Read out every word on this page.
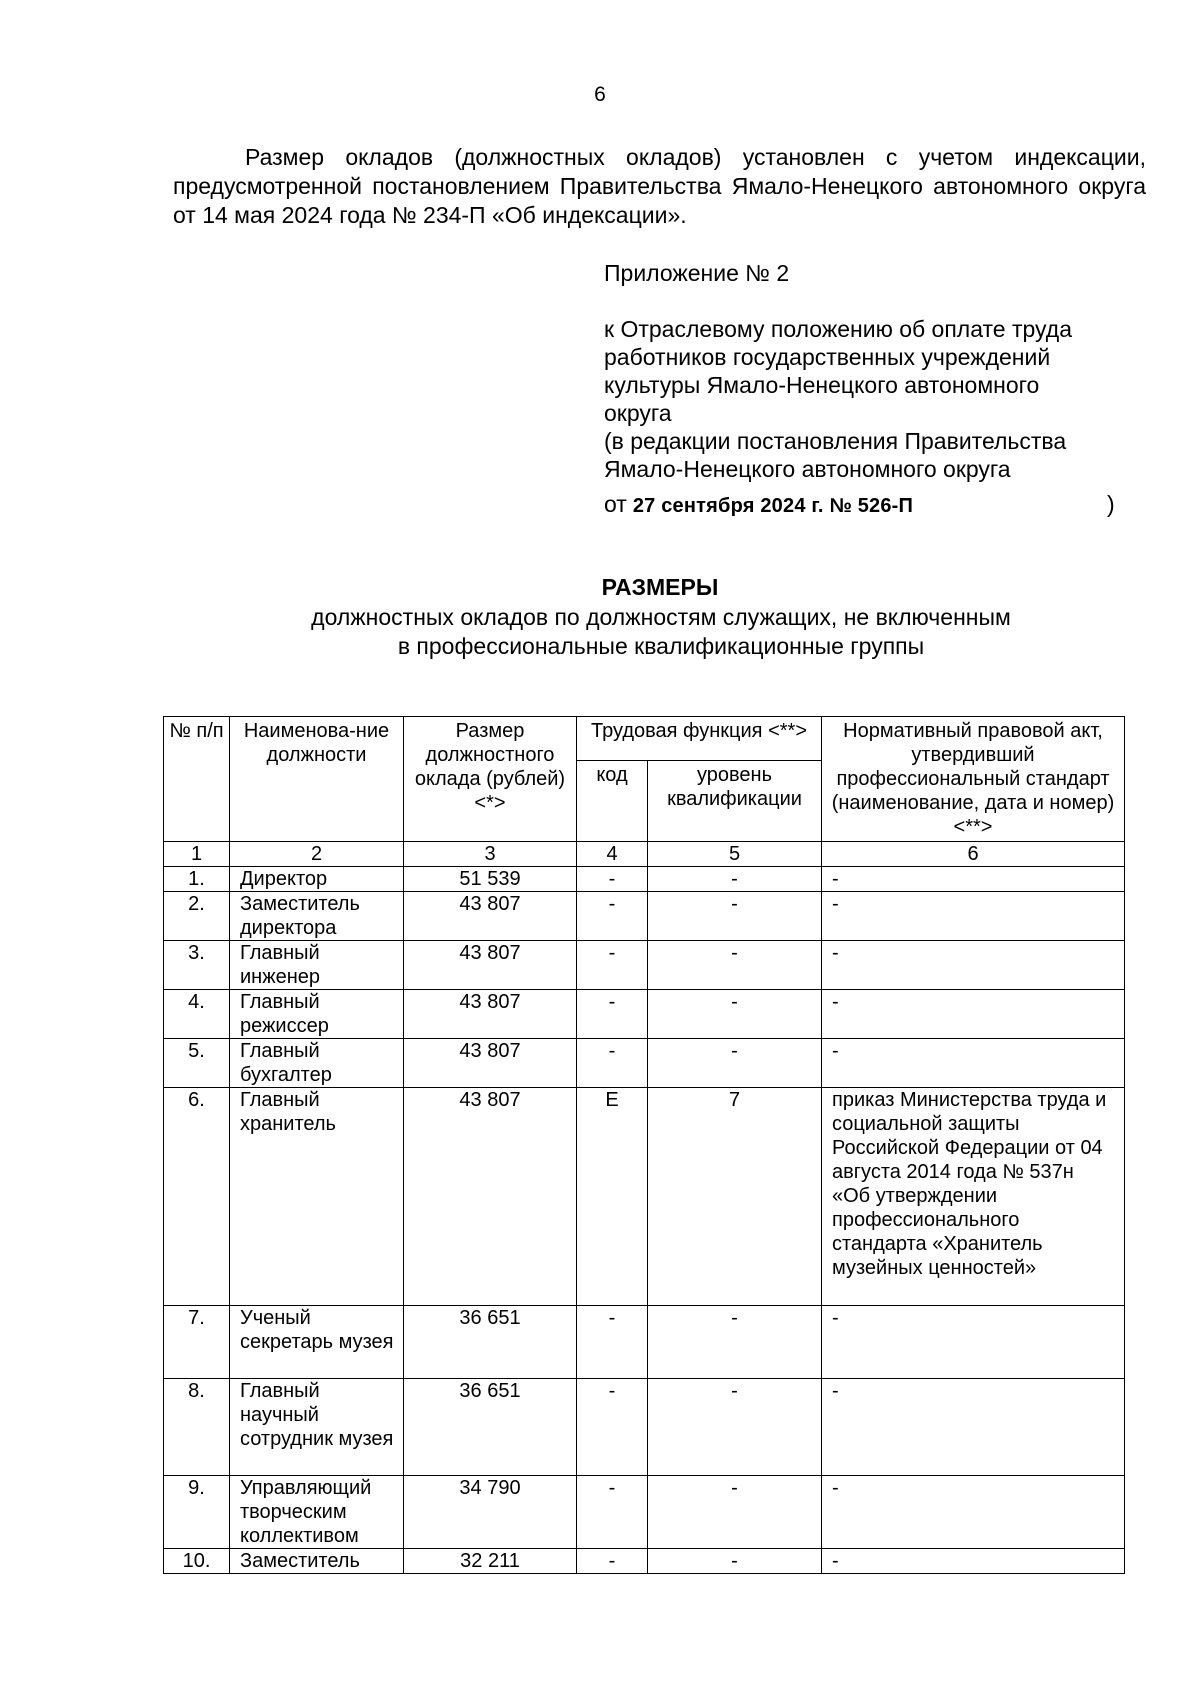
6

Размер окладов (должностных окладов) установлен с учетом индексации, предусмотренной постановлением Правительства Ямало-Ненецкого автономного округа от 14 мая 2024 года № 234-П «Об индексации».

Приложение № 2

к Отраслевому положению об оплате труда
работников государственных учреждений
культуры Ямало-Ненецкого автономного
округа
(в редакции постановления Правительства
Ямало-Ненецкого автономного округа
от 27 сентября 2024 г. № 526-П	)
РАЗМЕРЫ
должностных окладов по должностям служащих, не включенным
в профессиональные квалификационные группы
№ п/п	Наименова-ние должности	Размер должностного оклада (рублей) <*>	Трудовая функция <**>		Нормативный правовой акт, утвердивший профессиональный стандарт (наименование, дата и номер) <**>
			код	уровень квалификации	
1	2	3	4	5	6
1.	Директор	51 539	-	-	-
2.	Заместитель директора	43 807	-	-	-
3.	Главный инженер	43 807	-	-	-
4.	Главный режиссер	43 807	-	-	-
5.	Главный бухгалтер	43 807	-	-	-
6.	Главный хранитель	43 807	Е	7	приказ Министерства труда и социальной защиты Российской Федерации от 04 августа 2014 года № 537н «Об утверждении профессионального стандарта «Хранитель музейных ценностей»
7.	Ученый секретарь музея	36 651	-	-	-
8.	Главный научный сотрудник музея	36 651	-	-	-
9.	Управляющий творческим коллективом	34 790	-	-	-
10.	Заместитель	32 211	-	-	-
